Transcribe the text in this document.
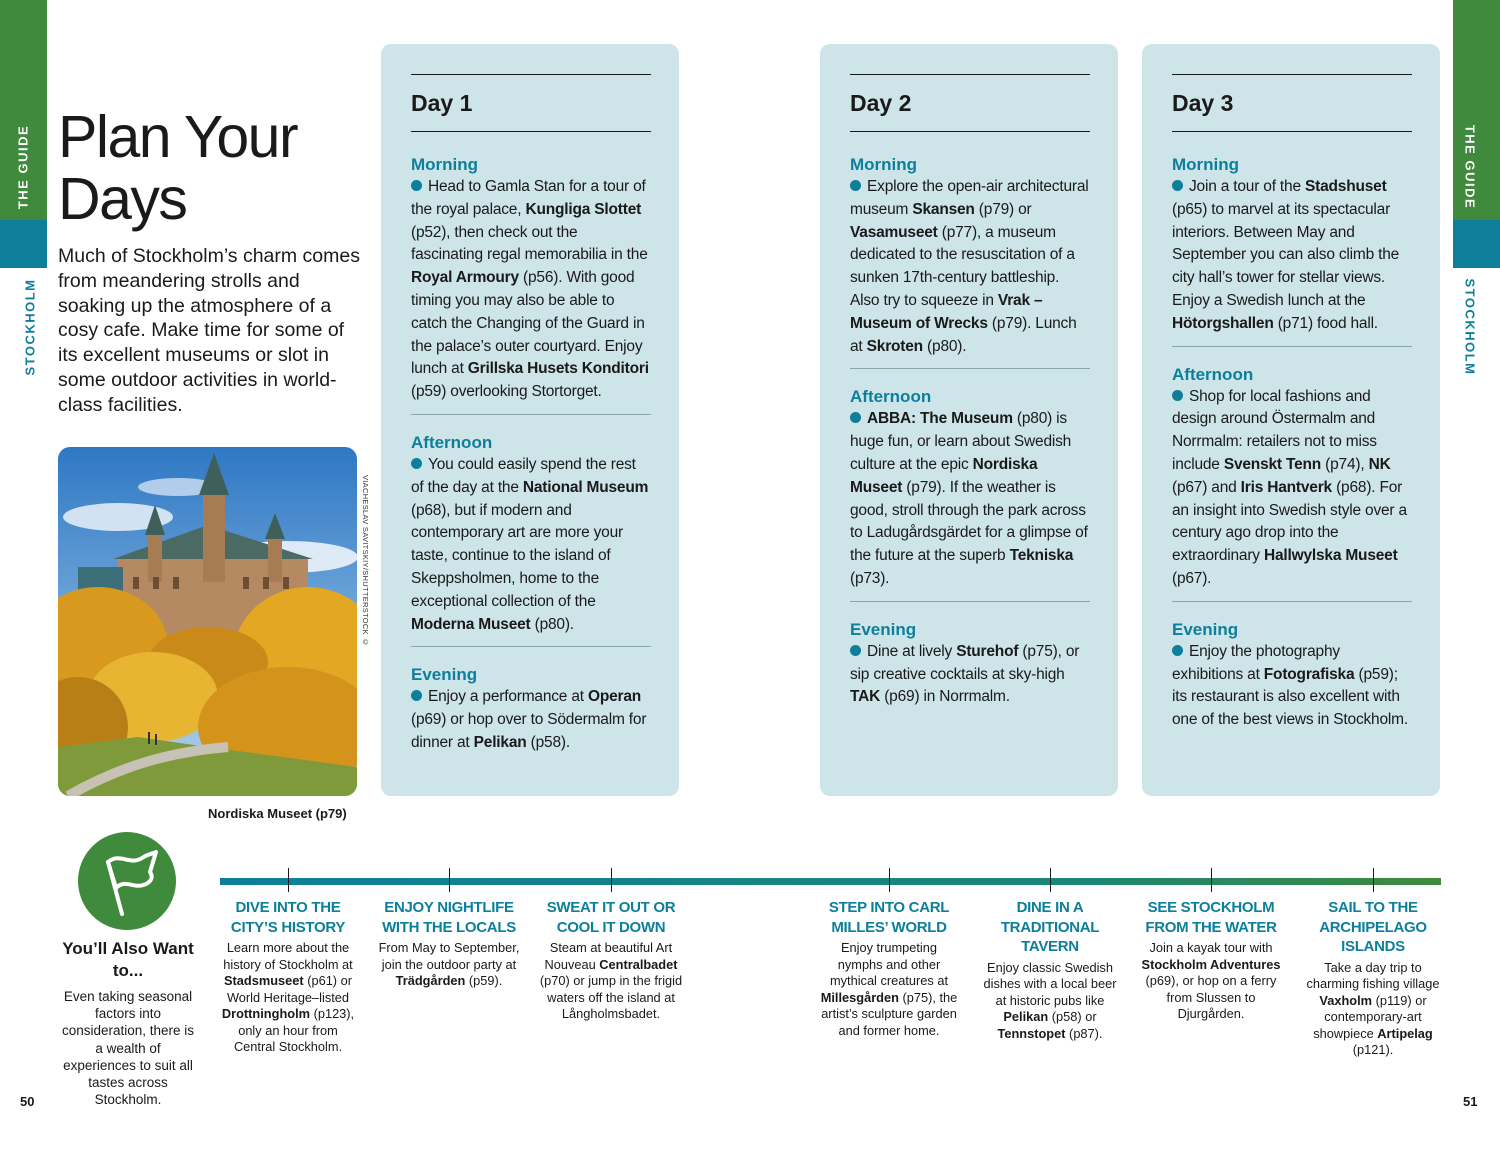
THE GUIDE
STOCKHOLM
THE GUIDE
STOCKHOLM
Plan Your Days

Much of Stockholm’s charm comes from meandering strolls and soaking up the atmosphere of a cosy cafe. Make time for some of its excellent museums or slot in some outdoor activities in world-class facilities.

VIACHESLAV SAVITSKIY/SHUTTERSTOCK ©
Nordiska Museet (p79)
Day 1
Morning

Head to Gamla Stan for a tour of the royal palace, Kungliga Slottet (p52), then check out the fascinating regal memorabilia in the Royal Armoury (p56). With good timing you may also be able to catch the Changing of the Guard in the palace’s outer courtyard. Enjoy lunch at Grillska Husets Konditori (p59) overlooking Stortorget.

Afternoon

You could easily spend the rest of the day at the National Museum (p68), but if modern and contemporary art are more your taste, continue to the island of Skeppsholmen, home to the exceptional collection of the Moderna Museet (p80).

Evening

Enjoy a performance at Operan (p69) or hop over to Södermalm for dinner at Pelikan (p58).

Day 2
Morning

Explore the open-air architectural museum Skansen (p79) or Vasamuseet (p77), a museum dedicated to the resuscitation of a sunken 17th-century battleship. Also try to squeeze in Vrak – Museum of Wrecks (p79). Lunch at Skroten (p80).

Afternoon

ABBA: The Museum (p80) is huge fun, or learn about Swedish culture at the epic Nordiska Museet (p79). If the weather is good, stroll through the park across to Ladugårdsgärdet for a glimpse of the future at the superb Tekniska (p73).

Evening

Dine at lively Sturehof (p75), or sip creative cocktails at sky-high TAK (p69) in Norrmalm.

Day 3
Morning

Join a tour of the Stadshuset (p65) to marvel at its spectacular interiors. Between May and September you can also climb the city hall’s tower for stellar views. Enjoy a Swedish lunch at the Hötorgshallen (p71) food hall.

Afternoon

Shop for local fashions and design around Östermalm and Norrmalm: retailers not to miss include Svenskt Tenn (p74), NK (p67) and Iris Hantverk (p68). For an insight into Swedish style over a century ago drop into the extraordinary Hallwylska Museet (p67).

Evening

Enjoy the photography exhibitions at Fotografiska (p59); its restaurant is also excellent with one of the best views in Stockholm.

You’ll Also Want to...
Even taking seasonal factors into consideration, there is a wealth of experiences to suit all tastes across Stockholm.
DIVE INTO THE CITY’S HISTORY
Learn more about the history of Stockholm at Stadsmuseet (p61) or World Heritage–listed Drottningholm (p123), only an hour from Central Stockholm.
ENJOY NIGHTLIFE WITH THE LOCALS
From May to September, join the outdoor party at Trädgården (p59).
SWEAT IT OUT OR COOL IT DOWN
Steam at beautiful Art Nouveau Centralbadet (p70) or jump in the frigid waters off the island at Långholmsbadet.
STEP INTO CARL MILLES’ WORLD
Enjoy trumpeting nymphs and other mythical creatures at Millesgården (p75), the artist’s sculpture garden and former home.
DINE IN A TRADITIONAL TAVERN
Enjoy classic Swedish dishes with a local beer at historic pubs like Pelikan (p58) or Tennstopet (p87).
SEE STOCKHOLM FROM THE WATER
Join a kayak tour with Stockholm Adventures (p69), or hop on a ferry from Slussen to Djurgården.
SAIL TO THE ARCHIPELAGO ISLANDS
Take a day trip to charming fishing village Vaxholm (p119) or contemporary-art showpiece Artipelag (p121).
50	51
